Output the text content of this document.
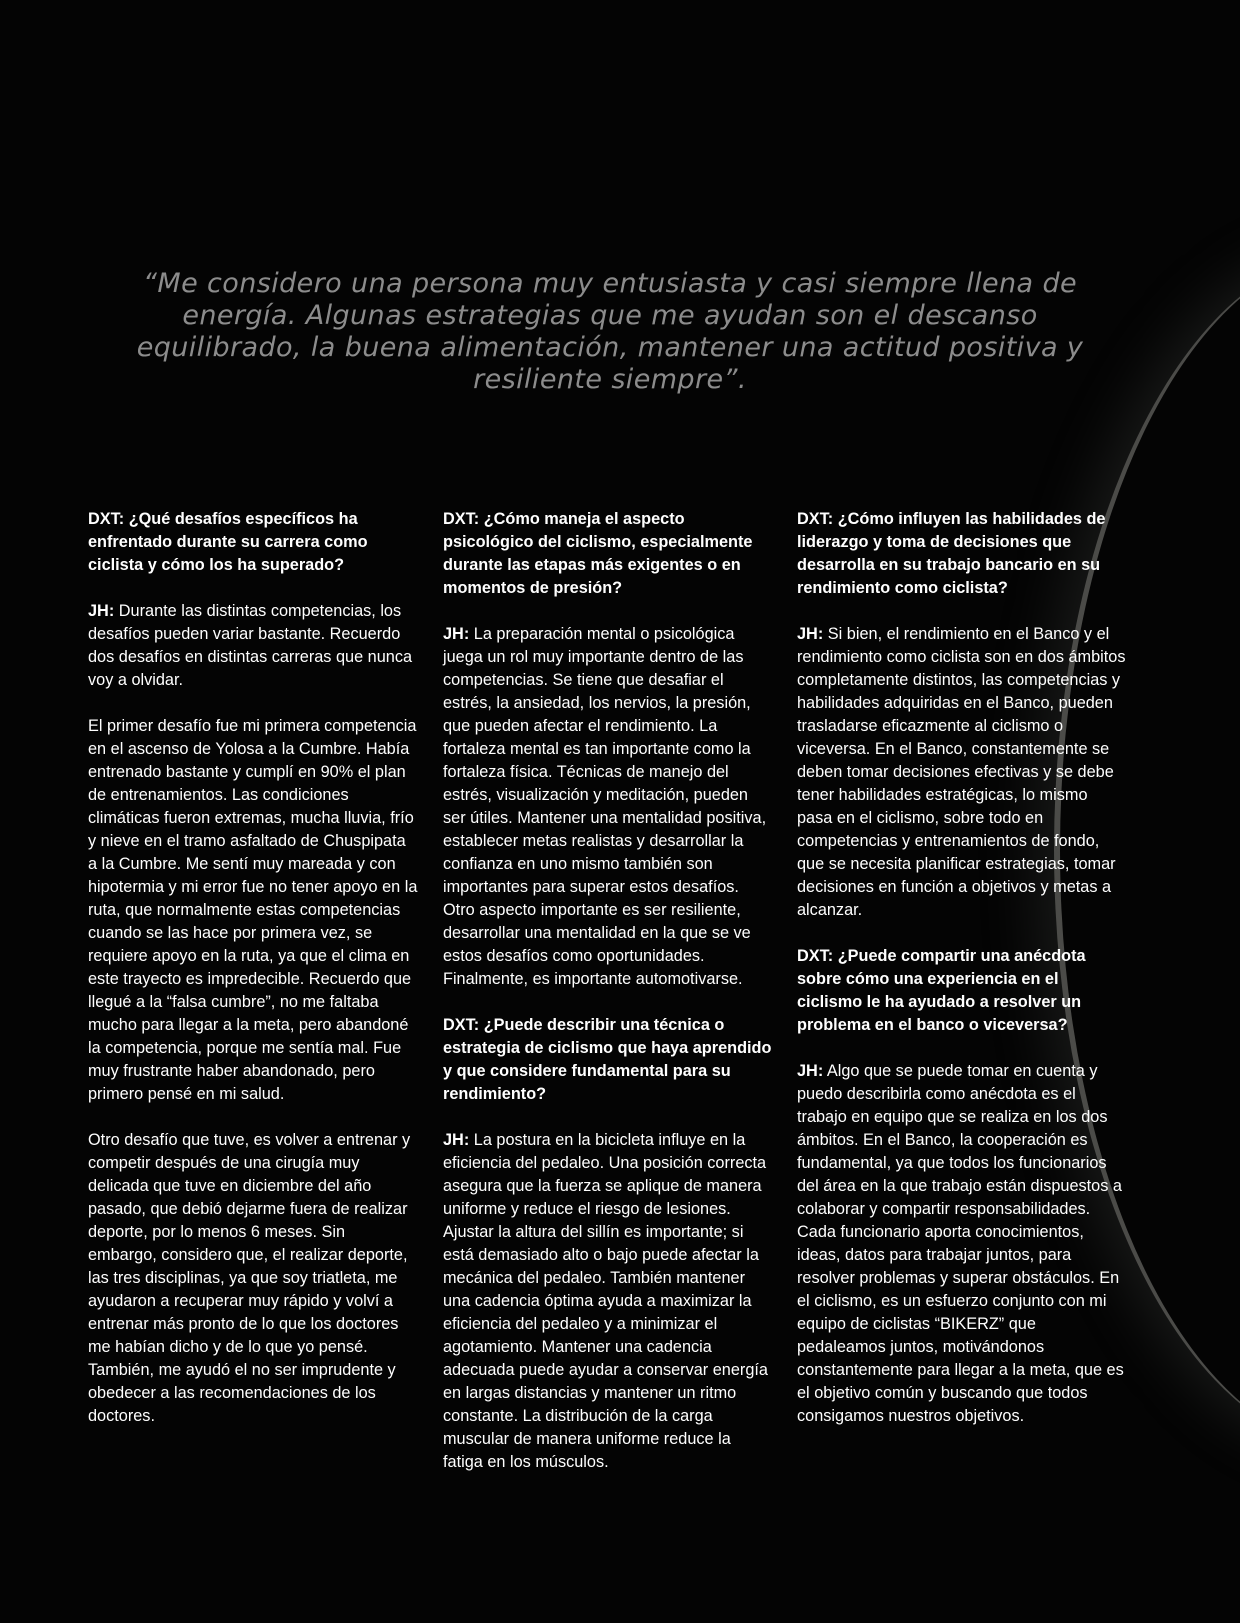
“Me considero una persona muy entusiasta y casi siempre llena de energía. Algunas estrategias que me ayudan son el descanso equilibrado, la buena alimentación, mantener una actitud positiva y resiliente siempre”.

DXT: ¿Qué desafíos específicos ha enfrentado durante su carrera como ciclista y cómo los ha superado?

JH: Durante las distintas competencias, los desafíos pueden variar bastante. Recuerdo dos desafíos en distintas carreras que nunca voy a olvidar.

El primer desafío fue mi primera competencia en el ascenso de Yolosa a la Cumbre. Había entrenado bastante y cumplí en 90% el plan de entrenamientos. Las condiciones climáticas fueron extremas, mucha lluvia, frío y nieve en el tramo asfaltado de Chuspipata a la Cumbre. Me sentí muy mareada y con hipotermia y mi error fue no tener apoyo en la ruta, que normalmente estas competencias cuando se las hace por primera vez, se requiere apoyo en la ruta, ya que el clima en este trayecto es impredecible. Recuerdo que llegué a la “falsa cumbre”, no me faltaba mucho para llegar a la meta, pero abandoné la competencia, porque me sentía mal. Fue muy frustrante haber abandonado, pero primero pensé en mi salud.

Otro desafío que tuve, es volver a entrenar y competir después de una cirugía muy delicada que tuve en diciembre del año pasado, que debió dejarme fuera de realizar deporte, por lo menos 6 meses. Sin embargo, considero que, el realizar deporte, las tres disciplinas, ya que soy triatleta, me ayudaron a recuperar muy rápido y volví a entrenar más pronto de lo que los doctores me habían dicho y de lo que yo pensé. También, me ayudó el no ser imprudente y obedecer a las recomendaciones de los doctores.

DXT: ¿Cómo maneja el aspecto psicológico del ciclismo, especialmente durante las etapas más exigentes o en momentos de presión?

JH: La preparación mental o psicológica juega un rol muy importante dentro de las competencias. Se tiene que desafiar el estrés, la ansiedad, los nervios, la presión, que pueden afectar el rendimiento. La fortaleza mental es tan importante como la fortaleza física. Técnicas de manejo del estrés, visualización y meditación, pueden ser útiles. Mantener una mentalidad positiva, establecer metas realistas y desarrollar la confianza en uno mismo también son importantes para superar estos desafíos. Otro aspecto importante es ser resiliente, desarrollar una mentalidad en la que se ve estos desafíos como oportunidades. Finalmente, es importante automotivarse.

DXT: ¿Puede describir una técnica o estrategia de ciclismo que haya aprendido y que considere fundamental para su rendimiento?

JH: La postura en la bicicleta influye en la eficiencia del pedaleo. Una posición correcta asegura que la fuerza se aplique de manera uniforme y reduce el riesgo de lesiones. Ajustar la altura del sillín es importante; si está demasiado alto o bajo puede afectar la mecánica del pedaleo. También mantener una cadencia óptima ayuda a maximizar la eficiencia del pedaleo y a minimizar el agotamiento. Mantener una cadencia adecuada puede ayudar a conservar energía en largas distancias y mantener un ritmo constante. La distribución de la carga muscular de manera uniforme reduce la fatiga en los músculos.

DXT: ¿Cómo influyen las habilidades de liderazgo y toma de decisiones que desarrolla en su trabajo bancario en su rendimiento como ciclista?

JH: Si bien, el rendimiento en el Banco y el rendimiento como ciclista son en dos ámbitos completamente distintos, las competencias y habilidades adquiridas en el Banco, pueden trasladarse eficazmente al ciclismo o viceversa. En el Banco, constantemente se deben tomar decisiones efectivas y se debe tener habilidades estratégicas, lo mismo pasa en el ciclismo, sobre todo en competencias y entrenamientos de fondo, que se necesita planificar estrategias, tomar decisiones en función a objetivos y metas a alcanzar.

DXT: ¿Puede compartir una anécdota sobre cómo una experiencia en el ciclismo le ha ayudado a resolver un problema en el banco o viceversa?

JH: Algo que se puede tomar en cuenta y puedo describirla como anécdota es el trabajo en equipo que se realiza en los dos ámbitos. En el Banco, la cooperación es fundamental, ya que todos los funcionarios del área en la que trabajo están dispuestos a colaborar y compartir responsabilidades. Cada funcionario aporta conocimientos, ideas, datos para trabajar juntos, para resolver problemas y superar obstáculos. En el ciclismo, es un esfuerzo conjunto con mi equipo de ciclistas “BIKERZ” que pedaleamos juntos, motivándonos constantemente para llegar a la meta, que es el objetivo común y buscando que todos consigamos nuestros objetivos.
